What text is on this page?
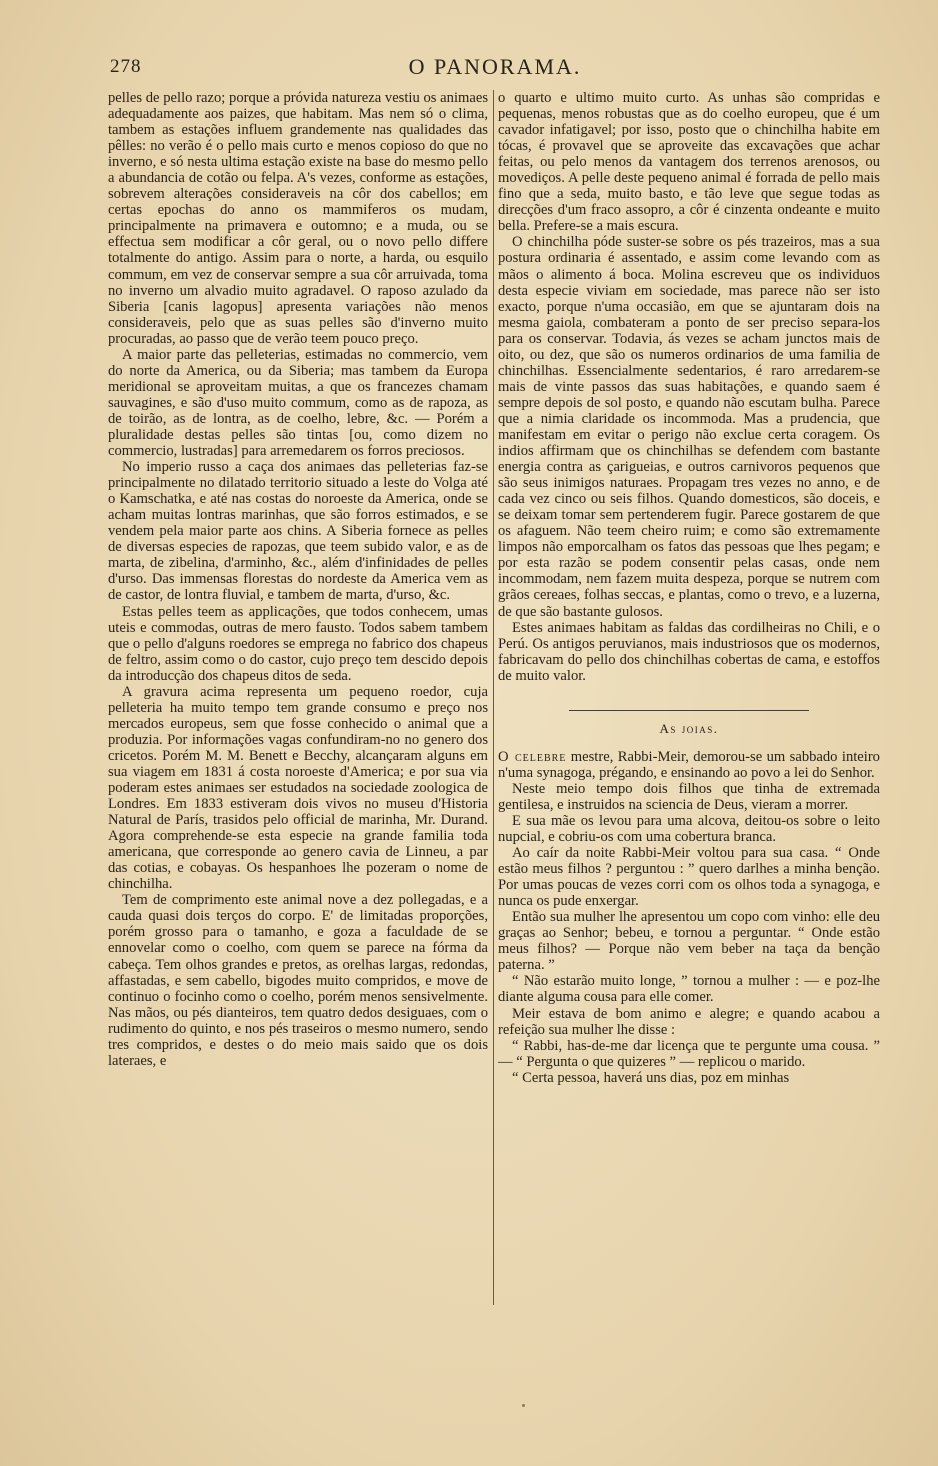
278	O PANORAMA.

pelles de pello razo; porque a próvida natureza vestiu os animaes adequadamente aos paizes, que habitam. Mas nem só o clima, tambem as estações influem grandemente nas qualidades das pêlles: no verão é o pello mais curto e menos copioso do que no inverno, e só nesta ultima estação existe na base do mesmo pello a abundancia de cotão ou felpa. A's vezes, conforme as estações, sobrevem alterações consideraveis na côr dos cabellos; em certas epochas do anno os mammiferos os mudam, principalmente na primavera e outomno; e a muda, ou se effectua sem modificar a côr geral, ou o novo pello differe totalmente do antigo. Assim para o norte, a harda, ou esquilo commum, em vez de conservar sempre a sua côr arruivada, toma no inverno um alvadio muito agradavel. O raposo azulado da Siberia [canis lagopus] apresenta variações não menos consideraveis, pelo que as suas pelles são d'inverno muito procuradas, ao passo que de verão teem pouco preço.

A maior parte das pelleterias, estimadas no commercio, vem do norte da America, ou da Siberia; mas tambem da Europa meridional se aproveitam muitas, a que os francezes chamam sauvagines, e são d'uso muito commum, como as de rapoza, as de toirão, as de lontra, as de coelho, lebre, &c. — Porém a pluralidade destas pelles são tintas [ou, como dizem no commercio, lustradas] para arremedarem os forros preciosos.

No imperio russo a caça dos animaes das pelleterias faz-se principalmente no dilatado territorio situado a leste do Volga até o Kamschatka, e até nas costas do noroeste da America, onde se acham muitas lontras marinhas, que são forros estimados, e se vendem pela maior parte aos chins. A Siberia fornece as pelles de diversas especies de rapozas, que teem subido valor, e as de marta, de zibelina, d'arminho, &c., além d'infinidades de pelles d'urso. Das immensas florestas do nordeste da America vem as de castor, de lontra fluvial, e tambem de marta, d'urso, &c.

Estas pelles teem as applicações, que todos conhecem, umas uteis e commodas, outras de mero fausto. Todos sabem tambem que o pello d'alguns roedores se emprega no fabrico dos chapeus de feltro, assim como o do castor, cujo preço tem descido depois da introducção dos chapeus ditos de seda.

A gravura acima representa um pequeno roedor, cuja pelleteria ha muito tempo tem grande consumo e preço nos mercados europeus, sem que fosse conhecido o animal que a produzia. Por informações vagas confundiram-no no genero dos cricetos. Porém M. M. Benett e Becchy, alcançaram alguns em sua viagem em 1831 á costa noroeste d'America; e por sua via poderam estes animaes ser estudados na sociedade zoologica de Londres. Em 1833 estiveram dois vivos no museu d'Historia Natural de París, trasidos pelo official de marinha, Mr. Durand. Agora comprehende-se esta especie na grande familia toda americana, que corresponde ao genero cavia de Linneu, a par das cotias, e cobayas. Os hespanhoes lhe pozeram o nome de chinchilha.

Tem de comprimento este animal nove a dez pollegadas, e a cauda quasi dois terços do corpo. E' de limitadas proporções, porém grosso para o tamanho, e goza a faculdade de se ennovelar como o coelho, com quem se parece na fórma da cabeça. Tem olhos grandes e pretos, as orelhas largas, redondas, affastadas, e sem cabello, bigodes muito compridos, e move de continuo o focinho como o coelho, porém menos sensivelmente. Nas mãos, ou pés dianteiros, tem quatro dedos desiguaes, com o rudimento do quinto, e nos pés traseiros o mesmo numero, sendo tres compridos, e destes o do meio mais saido que os dois lateraes, e

o quarto e ultimo muito curto. As unhas são compridas e pequenas, menos robustas que as do coelho europeu, que é um cavador infatigavel; por isso, posto que o chinchilha habite em tócas, é provavel que se aproveite das excavações que achar feitas, ou pelo menos da vantagem dos terrenos arenosos, ou movediços. A pelle deste pequeno animal é forrada de pello mais fino que a seda, muito basto, e tão leve que segue todas as direcções d'um fraco assopro, a côr é cinzenta ondeante e muito bella. Prefere-se a mais escura.

O chinchilha póde suster-se sobre os pés trazeiros, mas a sua postura ordinaria é assentado, e assim come levando com as mãos o alimento á boca. Molina escreveu que os individuos desta especie viviam em sociedade, mas parece não ser isto exacto, porque n'uma occasião, em que se ajuntaram dois na mesma gaiola, combateram a ponto de ser preciso separa-los para os conservar. Todavia, ás vezes se acham junctos mais de oito, ou dez, que são os numeros ordinarios de uma familia de chinchilhas. Essencialmente sedentarios, é raro arredarem-se mais de vinte passos das suas habitações, e quando saem é sempre depois de sol posto, e quando não escutam bulha. Parece que a nimia claridade os incommoda. Mas a prudencia, que manifestam em evitar o perigo não exclue certa coragem. Os indios affirmam que os chinchilhas se defendem com bastante energia contra as çarigueias, e outros carnivoros pequenos que são seus inimigos naturaes. Propagam tres vezes no anno, e de cada vez cinco ou seis filhos. Quando domesticos, são doceis, e se deixam tomar sem pertenderem fugir. Parece gostarem de que os afaguem. Não teem cheiro ruim; e como são extremamente limpos não emporcalham os fatos das pessoas que lhes pegam; e por esta razão se podem consentir pelas casas, onde nem incommodam, nem fazem muita despeza, porque se nutrem com grãos cereaes, folhas seccas, e plantas, como o trevo, e a luzerna, de que são bastante gulosos.

Estes animaes habitam as faldas das cordilheiras no Chili, e o Perú. Os antigos peruvianos, mais industriosos que os modernos, fabricavam do pello dos chinchilhas cobertas de cama, e estoffos de muito valor.

As joias.

O celebre mestre, Rabbi-Meir, demorou-se um sabbado inteiro n'uma synagoga, prégando, e ensinando ao povo a lei do Senhor.

Neste meio tempo dois filhos que tinha de extremada gentilesa, e instruidos na sciencia de Deus, vieram a morrer.

E sua mãe os levou para uma alcova, deitou-os sobre o leito nupcial, e cobriu-os com uma cobertura branca.

Ao caír da noite Rabbi-Meir voltou para sua casa. “ Onde estão meus filhos ? perguntou : ” quero darlhes a minha benção. Por umas poucas de vezes corri com os olhos toda a synagoga, e nunca os pude enxergar.

Então sua mulher lhe apresentou um copo com vinho: elle deu graças ao Senhor; bebeu, e tornou a perguntar. “ Onde estão meus filhos? — Porque não vem beber na taça da benção paterna. ”

“ Não estarão muito longe, ” tornou a mulher : — e poz-lhe diante alguma cousa para elle comer.

Meir estava de bom animo e alegre; e quando acabou a refeição sua mulher lhe disse :

“ Rabbi, has-de-me dar licença que te pergunte uma cousa. ” — “ Pergunta o que quizeres ” — replicou o marido.

“ Certa pessoa, haverá uns dias, poz em minhas
